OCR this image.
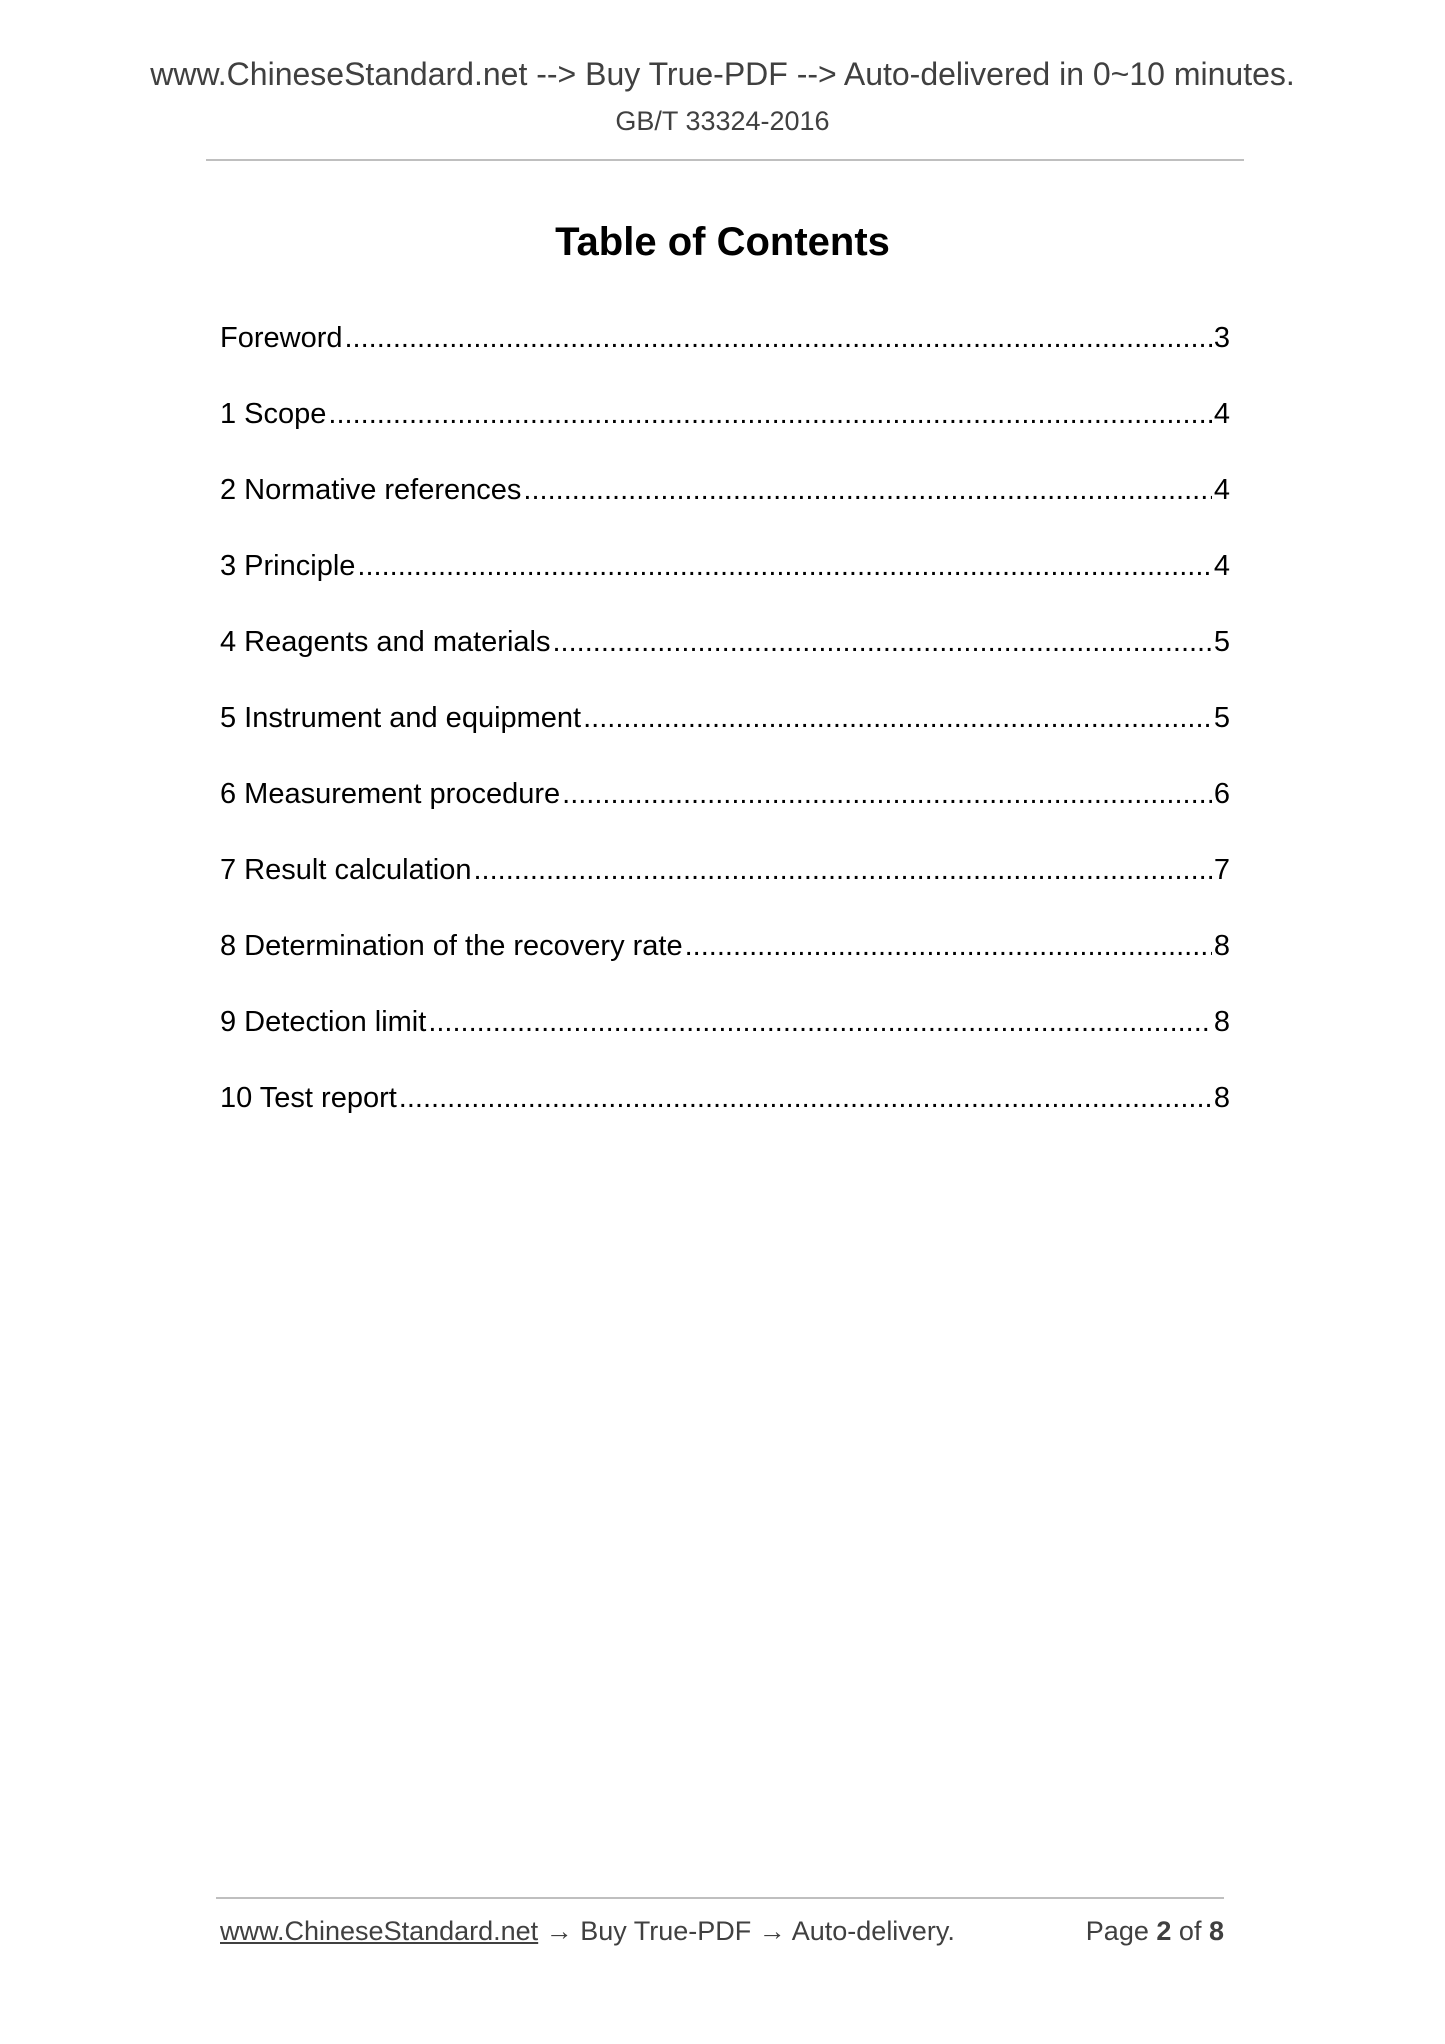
www.ChineseStandard.net --> Buy True-PDF --> Auto-delivered in 0~10 minutes.
GB/T 33324-2016
Table of Contents
Foreword .....	3
1 Scope .....	4
2 Normative references .....	4
3 Principle .....	4
4 Reagents and materials .....	5
5 Instrument and equipment .....	5
6 Measurement procedure .....	6
7 Result calculation .....	7
8 Determination of the recovery rate .....	8
9 Detection limit .....	8
10 Test report .....	8
www.ChineseStandard.net → Buy True-PDF → Auto-delivery.	Page 2 of 8
